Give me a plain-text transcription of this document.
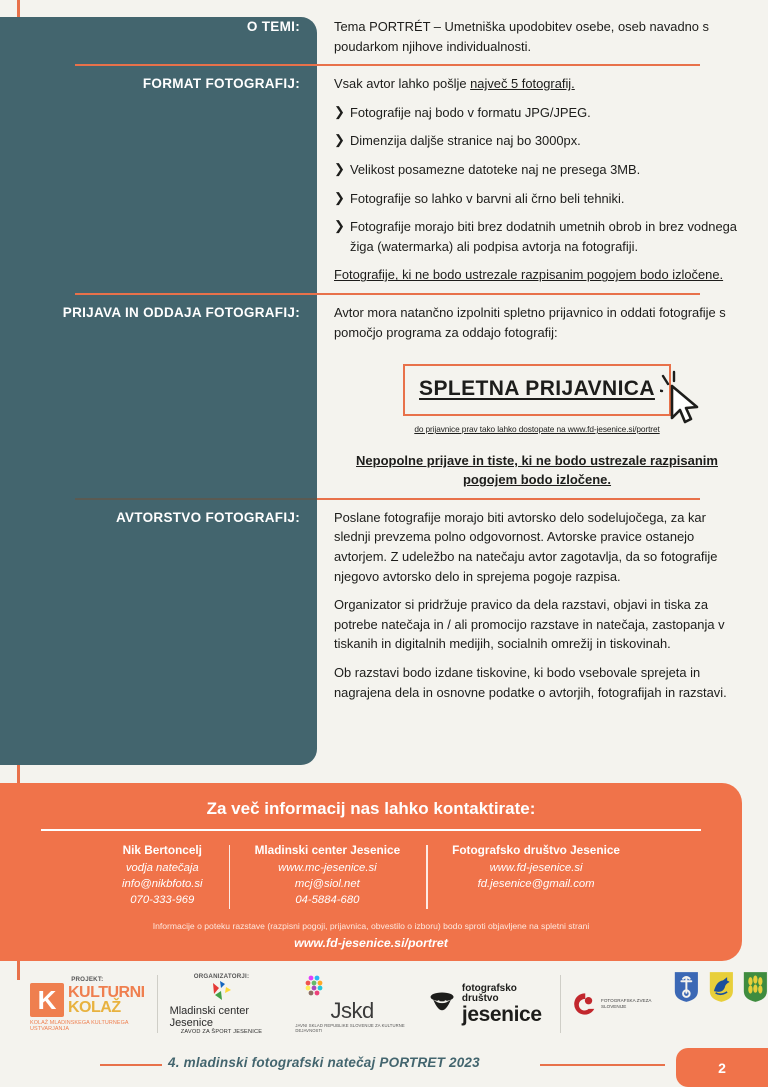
O TEMI:	Tema PORTRÉT – Umetniška upodobitev osebe, oseb navadno s poudarkom njihove individualnosti.

FORMAT FOTOGRAFIJ:	Vsak avtor lahko pošlje največ 5 fotografij.

❯ Fotografije naj bodo v formatu JPG/JPEG.
❯ Dimenzija daljše stranice naj bo 3000px.
❯ Velikost posamezne datoteke naj ne presega 3MB.
❯ Fotografije so lahko v barvni ali črno beli tehniki.
❯ Fotografije morajo biti brez dodatnih umetnih obrob in brez vodnega žiga (watermarka) ali podpisa avtorja na fotografiji.

Fotografije, ki ne bodo ustrezale razpisanim pogojem bodo izločene.

PRIJAVA IN ODDAJA FOTOGRAFIJ:	Avtor mora natančno izpolniti spletno prijavnico in oddati fotografije s pomočjo programa za oddajo fotografij:

SPLETNA PRIJAVNICA
do prijavnice prav tako lahko dostopate na www.fd-jesenice.si/portret
Nepopolne prijave in tiste, ki ne bodo ustrezale razpisanim pogojem bodo izločene.
AVTORSTVO FOTOGRAFIJ:	Poslane fotografije morajo biti avtorsko delo sodelujočega, za kar slednji prevzema polno odgovornost. Avtorske pravice ostanejo avtorjem. Z udeležbo na natečaju avtor zagotavlja, da so fotografije njegovo avtorsko delo in sprejema pogoje razpisa.

Organizator si pridržuje pravico da dela razstavi, objavi in tiska za potrebe natečaja in / ali promocijo razstave in natečaja, zastopanja v tiskanih in digitalnih medijih, socialnih omrežij in tiskovinah.

Ob razstavi bodo izdane tiskovine, ki bodo vsebovale sprejeta in nagrajena dela in osnovne podatke o avtorjih, fotografijah in razstavi.

Za več informacij nas lahko kontaktirate:
Nik Bertoncelj
vodja natečaja
info@nikbfoto.si
070-333-969
Mladinski center Jesenice
www.mc-jesenice.si
mcj@siol.net
04-5884-680
Fotografsko društvo Jesenice
www.fd-jesenice.si
fd.jesenice@gmail.com
Informacije o poteku razstave (razpisni pogoji, prijavnica, obvestilo o izboru) bodo sproti objavljene na spletni strani
www.fd-jesenice.si/portret
PROJEKT:
K KULTURNI
KOLAŽ
KOLAŽ MLADINSKEGA KULTURNEGA USTVARJANJA
ORGANIZATORJI:
Mladinski center Jesenice
ZAVOD ZA ŠPORT JESENICE
Jskd
JAVNI SKLAD REPUBLIKE SLOVENIJE ZA KULTURNE DEJAVNOSTI
fotografsko društvo
jesenice
FOTOGRAFSKA ZVEZA SLOVENIJE
4. mladinski fotografski natečaj PORTRET 2023	2
